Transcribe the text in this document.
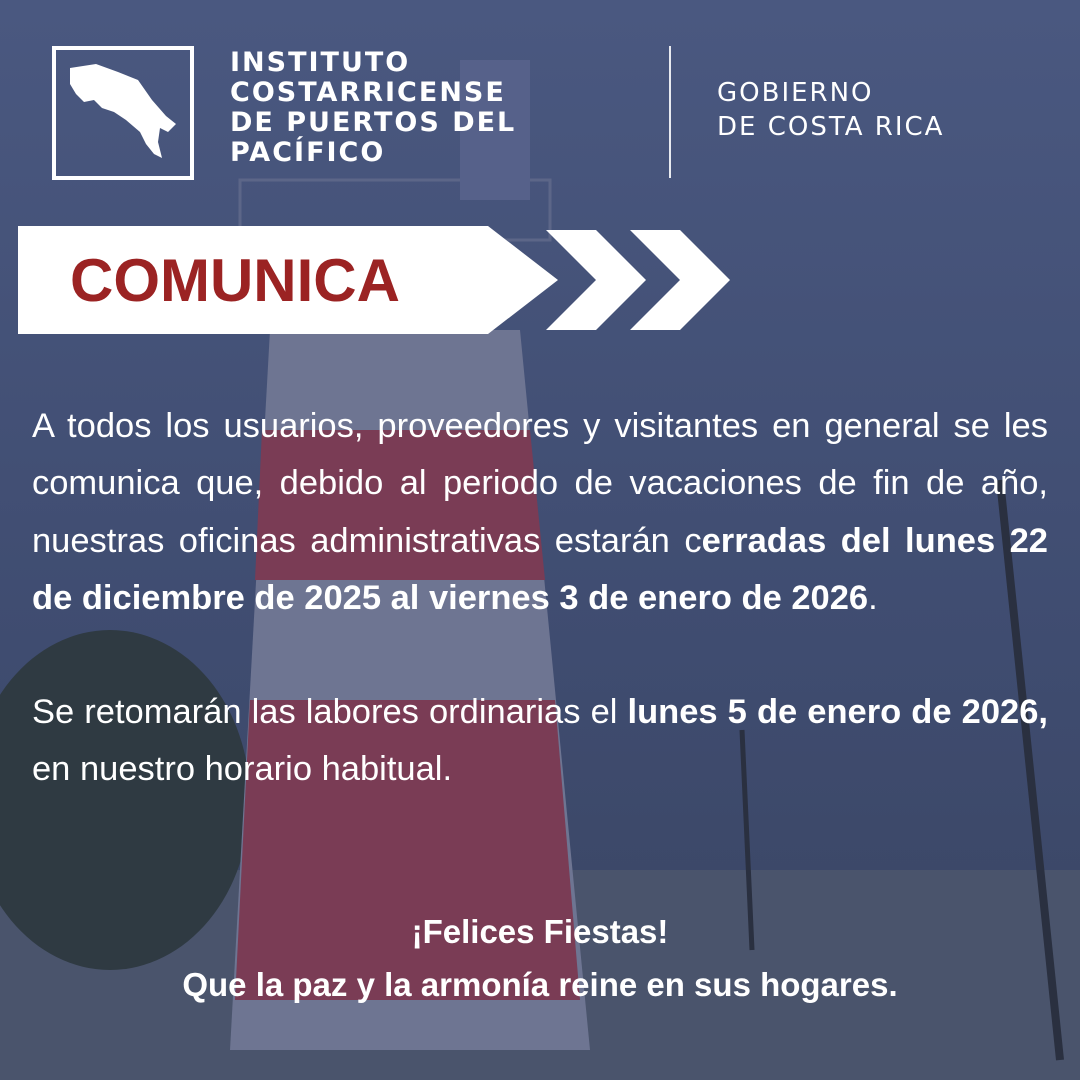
INSTITUTO
COSTARRICENSE
DE PUERTOS DEL
PACÍFICO
GOBIERNO
DE COSTA RICA
COMUNICA

A todos los usuarios, proveedores y visitantes en general se les comunica que, debido al periodo de vacaciones de fin de año, nuestras oficinas administrativas estarán cerradas del lunes 22 de diciembre de 2025 al viernes 3 de enero de 2026.

Se retomarán las labores ordinarias el lunes 5 de enero de 2026, en nuestro horario habitual.

¡Felices Fiestas!
Que la paz y la armonía reine en sus hogares.
